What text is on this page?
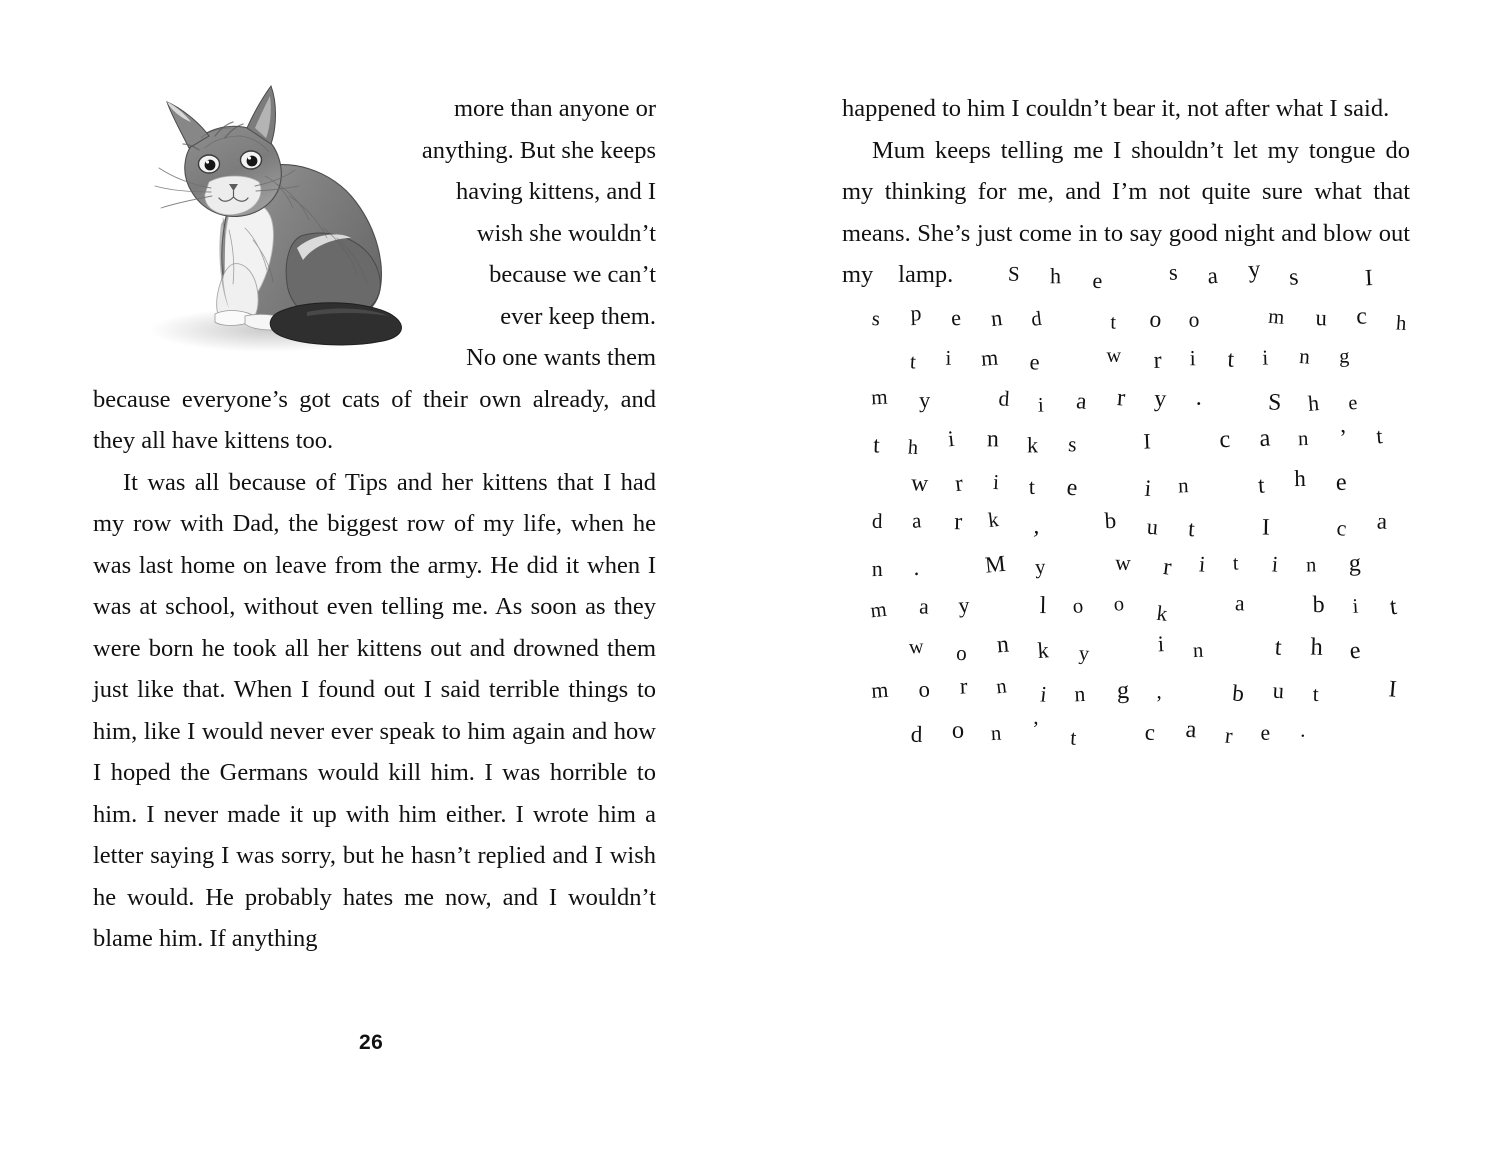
more than anyone or
anything. But she keeps
having kittens, and I
wish she wouldn’t
because we can’t
ever keep them.
No one wants them

because everyone’s got cats of their own already, and they all have kittens too.

It was all because of Tips and her kittens that I had my row with Dad, the biggest row of my life, when he was last home on leave from the army. He did it when I was at school, without even telling me. As soon as they were born he took all her kittens out and drowned them just like that. When I found out I said terrible things to him, like I would never ever speak to him again and how I hoped the Germans would kill him. I was horrible to him. I never made it up with him either. I wrote him a letter saying I was sorry, but he hasn’t replied and I wish he would. He probably hates me now, and I wouldn’t blame him. If anything

happened to him I couldn’t bear it, not after what I said.

Mum keeps telling me I shouldn’t let my tongue do my thinking for me, and I’m not quite sure what that means. She’s just come in to say good night and blow out my lamp. S h e	s a y s	I s p e n d	t o o	m u c h t i m e	w r i t i n g m y	d i a r y .	S h e t h i n k s	I	c a n ’ t w r i t e	i n	t h e d a r k ,	b u t	I	c an .	M y	w r i t i n g m a y	l o o k	a	b i t w o n k y	i n	t h e m o r n i n g ,	b u t	I d o n ’ t	c a r e .

26
